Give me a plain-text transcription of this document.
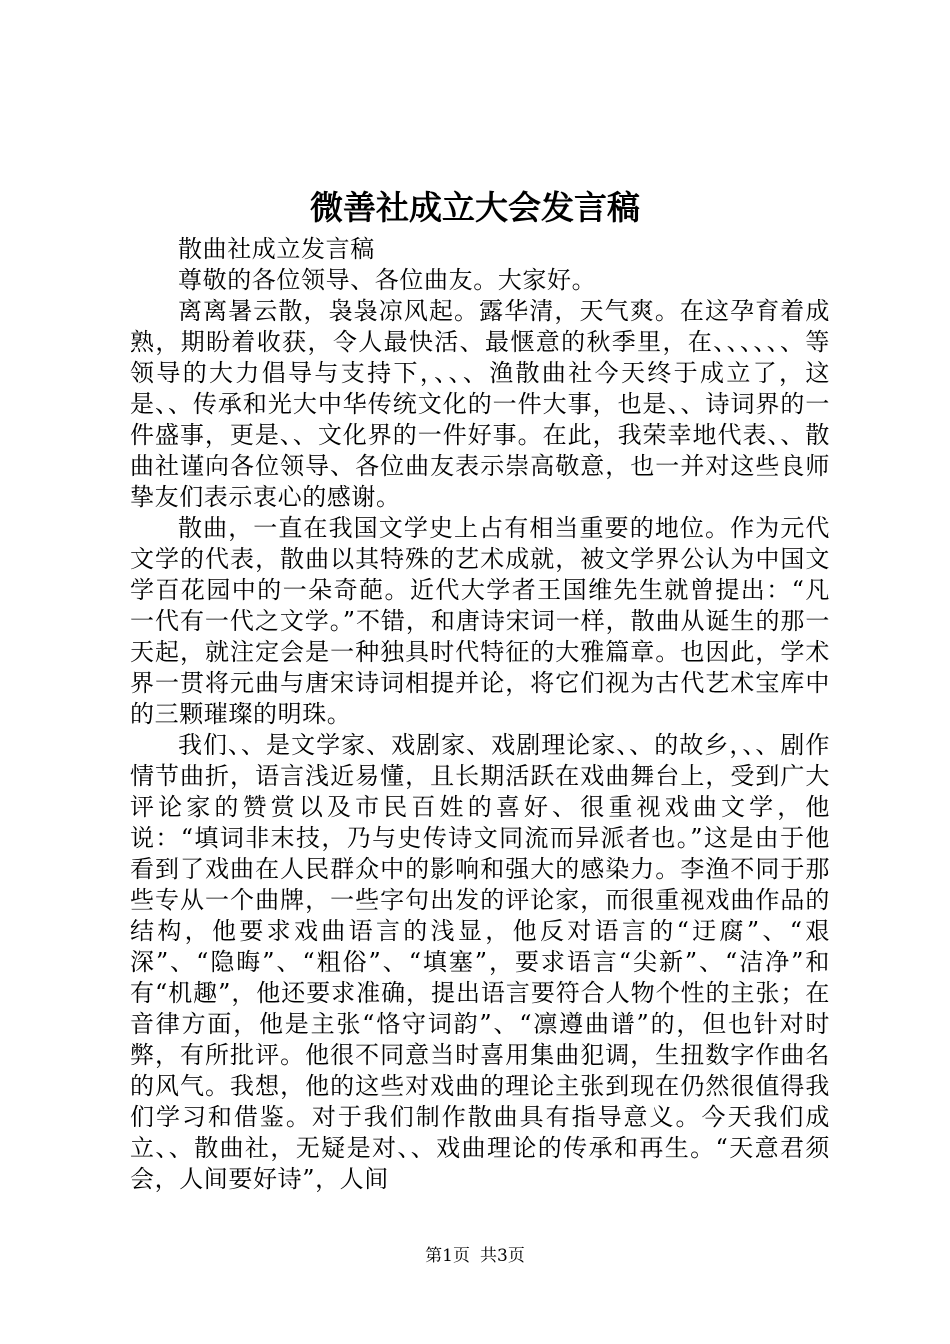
微善社成立大会发言稿

散曲社成立发言稿

尊敬的各位领导、各位曲友。大家好。

离离暑云散，袅袅凉风起。露华清，天气爽。在这孕育着成熟，期盼着收获，令人最快活、最惬意的秋季里，在、、、、、、等领导的大力倡导与支持下，、、、渔散曲社今天终于成立了，这是、、传承和光大中华传统文化的一件大事，也是、、诗词界的一件盛事，更是、、文化界的一件好事。在此，我荣幸地代表、、散曲社谨向各位领导、各位曲友表示崇高敬意，也一并对这些良师挚友们表示衷心的感谢。

散曲，一直在我国文学史上占有相当重要的地位。作为元代文学的代表，散曲以其特殊的艺术成就，被文学界公认为中国文学百花园中的一朵奇葩。近代大学者王国维先生就曾提出：“凡一代有一代之文学。”不错，和唐诗宋词一样，散曲从诞生的那一天起，就注定会是一种独具时代特征的大雅篇章。也因此，学术界一贯将元曲与唐宋诗词相提并论，将它们视为古代艺术宝库中的三颗璀璨的明珠。

我们、、是文学家、戏剧家、戏剧理论家、、的故乡，、、剧作情节曲折，语言浅近易懂，且长期活跃在戏曲舞台上，受到广大评论家的赞赏以及市民百姓的喜好、很重视戏曲文学，他说：“填词非末技，乃与史传诗文同流而异派者也。”这是由于他看到了戏曲在人民群众中的影响和强大的感染力。李渔不同于那些专从一个曲牌，一些字句出发的评论家，而很重视戏曲作品的结构，他要求戏曲语言的浅显，他反对语言的“迂腐”、“艰深”、“隐晦”、“粗俗”、“填塞”，要求语言“尖新”、“洁净”和有“机趣”，他还要求准确，提出语言要符合人物个性的主张；在音律方面，他是主张“恪守词韵”、“凛遵曲谱”的，但也针对时弊，有所批评。他很不同意当时喜用集曲犯调，生扭数字作曲名的风气。我想，他的这些对戏曲的理论主张到现在仍然很值得我们学习和借鉴。对于我们制作散曲具有指导意义。今天我们成立、、散曲社，无疑是对、、戏曲理论的传承和再生。“天意君须会，人间要好诗”，人间

第1页 共3页
